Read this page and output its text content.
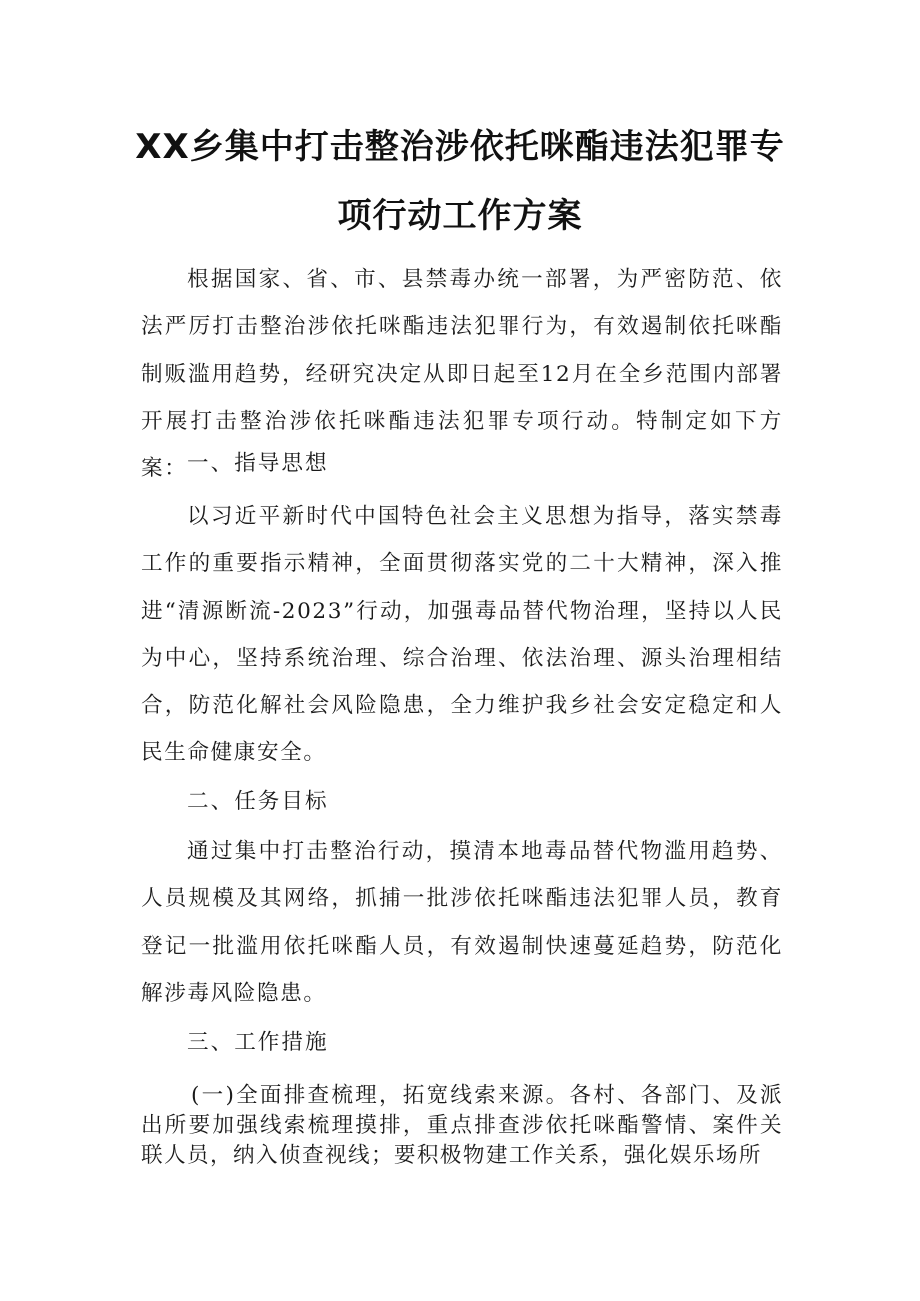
XX乡集中打击整治涉依托咪酯违法犯罪专
项行动工作方案

根据国家、省、市、县禁毒办统一部署，为严密防范、依法严厉打击整治涉依托咪酯违法犯罪行为，有效遏制依托咪酯制贩滥用趋势，经研究决定从即日起至12月在全乡范围内部署开展打击整治涉依托咪酯违法犯罪专项行动。特制定如下方案： 一、指导思想

以习近平新时代中国特色社会主义思想为指导，落实禁毒工作的重要指示精神，全面贯彻落实党的二十大精神，深入推进“清源断流-2023”行动，加强毒品替代物治理，坚持以人民为中心，坚持系统治理、综合治理、依法治理、源头治理相结合，防范化解社会风险隐患，全力维护我乡社会安定稳定和人民生命健康安全。

二、任务目标

通过集中打击整治行动，摸清本地毒品替代物滥用趋势、人员规模及其网络，抓捕一批涉依托咪酯违法犯罪人员，教育登记一批滥用依托咪酯人员，有效遏制快速蔓延趋势，防范化解涉毒风险隐患。

三、工作措施

(一)全面排查梳理，拓宽线索来源。各村、各部门、及派出所要加强线索梳理摸排，重点排查涉依托咪酯警情、案件关联人员，纳入侦查视线；要积极物建工作关系，强化娱乐场所
